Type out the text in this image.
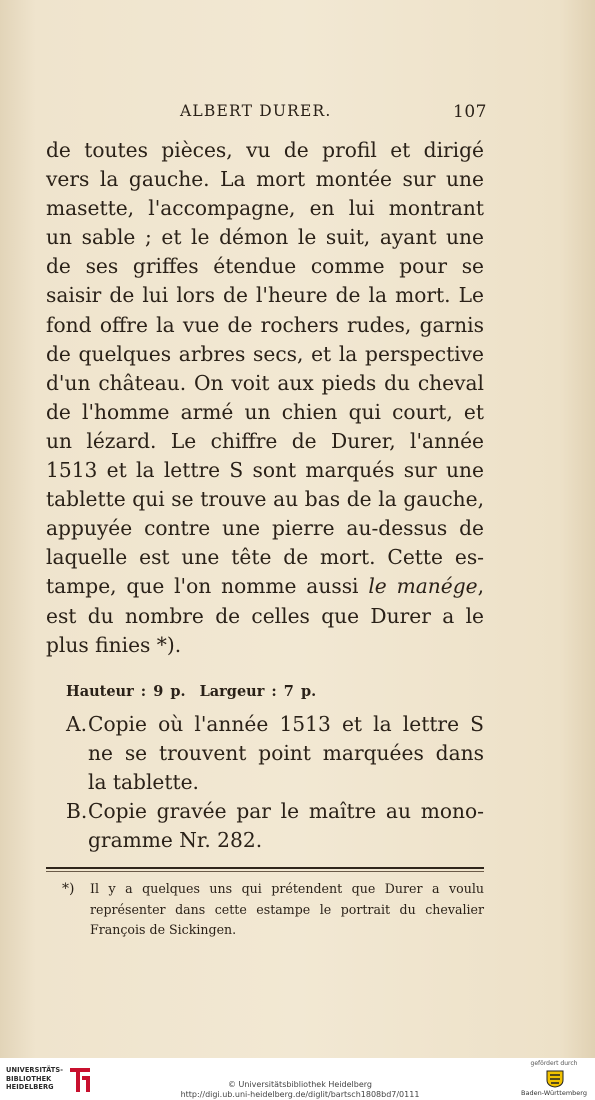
ALBERT DURER.	107
de toutes pièces, vu de profil et dirigé
vers la gauche. La mort montée sur une
masette, l'accompagne, en lui montrant
un sable ; et le démon le suit, ayant une
de ses griffes étendue comme pour se
saisir de lui lors de l'heure de la mort. Le
fond offre la vue de rochers rudes, garnis
de quelques arbres secs, et la perspective
d'un château. On voit aux pieds du cheval
de l'homme armé un chien qui court, et
un lézard. Le chiffre de Durer, l'année
1513 et la lettre S sont marqués sur une
tablette qui se trouve au bas de la gauche,
appuyée contre une pierre au-dessus de
laquelle est une tête de mort. Cette es-
tampe, que l'on nomme aussi le manége,
est du nombre de celles que Durer a le
plus finies *).
Hauteur : 9 p. Largeur : 7 p.
A. Copie où l'année 1513 et la lettre S
ne se trouvent point marquées dans
la tablette.
B. Copie gravée par le maître au mono-
gramme Nr. 282.
*) Il y a quelques uns qui prétendent que Durer a voulu
représenter dans cette estampe le portrait du chevalier
François de Sickingen.
UNIVERSITÄTS-
BIBLIOTHEK
HEIDELBERG	© Universitätsbibliothek Heidelberg
http://digi.ub.uni-heidelberg.de/diglit/bartsch1808bd7/0111
gefördert durch
Baden-Württemberg
